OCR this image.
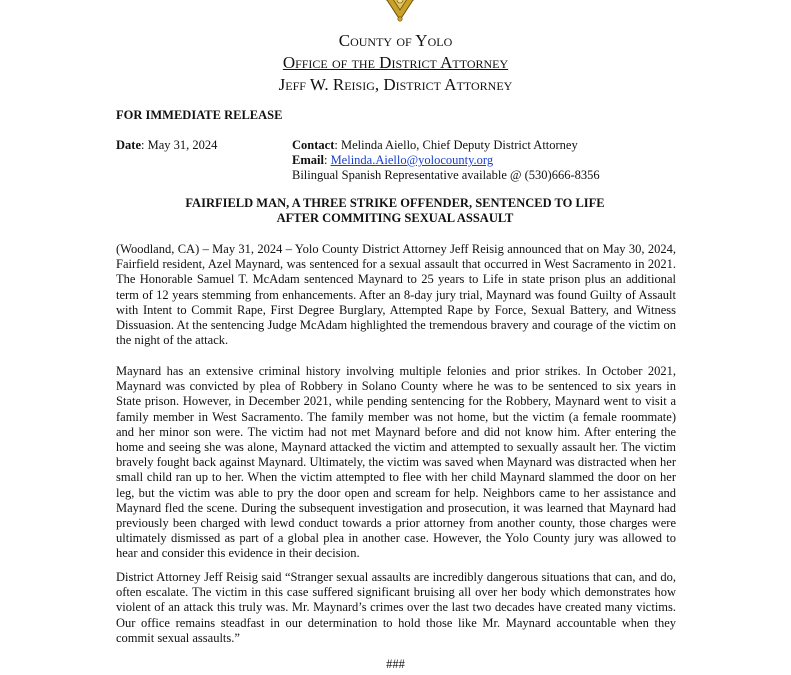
County of Yolo
Office of the District Attorney
Jeff W. Reisig, District Attorney
FOR IMMEDIATE RELEASE
Date: May 31, 2024	Contact: Melinda Aiello, Chief Deputy District Attorney
Email: Melinda.Aiello@yolocounty.org
Bilingual Spanish Representative available @ (530)666-8356
FAIRFIELD MAN, A THREE STRIKE OFFENDER, SENTENCED TO LIFE
AFTER COMMITING SEXUAL ASSAULT

(Woodland, CA) – May 31, 2024 – Yolo County District Attorney Jeff Reisig announced that on May 30, 2024, Fairfield resident, Azel Maynard, was sentenced for a sexual assault that occurred in West Sacramento in 2021. The Honorable Samuel T. McAdam sentenced Maynard to 25 years to Life in state prison plus an additional term of 12 years stemming from enhancements. After an 8-day jury trial, Maynard was found Guilty of Assault with Intent to Commit Rape, First Degree Burglary, Attempted Rape by Force, Sexual Battery, and Witness Dissuasion. At the sentencing Judge McAdam highlighted the tremendous bravery and courage of the victim on the night of the attack.

Maynard has an extensive criminal history involving multiple felonies and prior strikes. In October 2021, Maynard was convicted by plea of Robbery in Solano County where he was to be sentenced to six years in State prison. However, in December 2021, while pending sentencing for the Robbery, Maynard went to visit a family member in West Sacramento. The family member was not home, but the victim (a female roommate) and her minor son were. The victim had not met Maynard before and did not know him. After entering the home and seeing she was alone, Maynard attacked the victim and attempted to sexually assault her. The victim bravely fought back against Maynard. Ultimately, the victim was saved when Maynard was distracted when her small child ran up to her. When the victim attempted to flee with her child Maynard slammed the door on her leg, but the victim was able to pry the door open and scream for help. Neighbors came to her assistance and Maynard fled the scene. During the subsequent investigation and prosecution, it was learned that Maynard had previously been charged with lewd conduct towards a prior attorney from another county, those charges were ultimately dismissed as part of a global plea in another case. However, the Yolo County jury was allowed to hear and consider this evidence in their decision.

District Attorney Jeff Reisig said “Stranger sexual assaults are incredibly dangerous situations that can, and do, often escalate. The victim in this case suffered significant bruising all over her body which demonstrates how violent of an attack this truly was. Mr. Maynard’s crimes over the last two decades have created many victims. Our office remains steadfast in our determination to hold those like Mr. Maynard accountable when they commit sexual assaults.”

###
